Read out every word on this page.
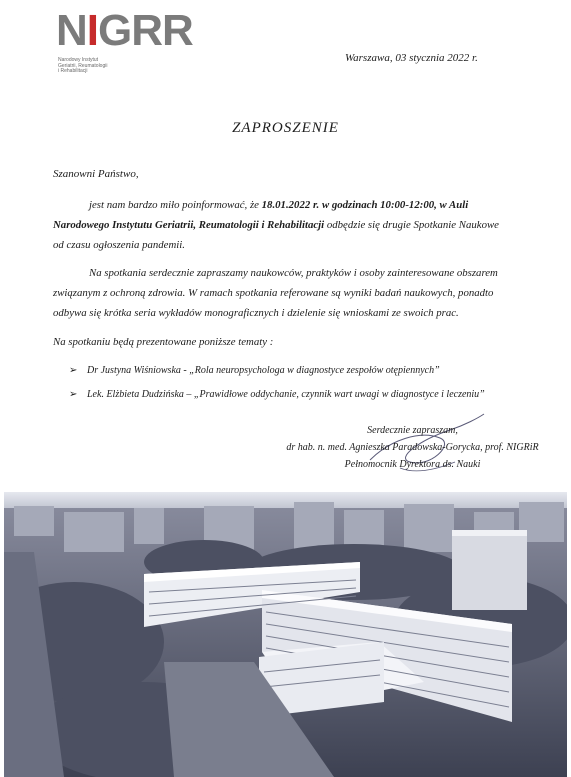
NIGRR
Narodowy Instytut
Geriatrii, Reumatologii
i Rehabilitacji
Warszawa, 03 stycznia 2022 r.
ZAPROSZENIE
Szanowni Państwo,
jest nam bardzo miło poinformować, że 18.01.2022 r. w godzinach 10:00-12:00, w Auli Narodowego Instytutu Geriatrii, Reumatologii i Rehabilitacji odbędzie się drugie Spotkanie Naukowe od czasu ogłoszenia pandemii.
Na spotkania serdecznie zapraszamy naukowców, praktyków i osoby zainteresowane obszarem związanym z ochroną zdrowia. W ramach spotkania referowane są wyniki badań naukowych, ponadto odbywa się krótka seria wykładów monograficznych i dzielenie się wnioskami ze swoich prac.
Na spotkaniu będą prezentowane poniższe tematy :
➢ Dr Justyna Wiśniowska - „Rola neuropsychologa w diagnostyce zespołów otępiennych”
➢ Lek. Elżbieta Dudzińska – „Prawidłowe oddychanie, czynnik wart uwagi w diagnostyce i leczeniu”
Serdecznie zapraszam,
dr hab. n. med. Agnieszka Paradowska-Gorycka, prof. NIGRiR
Pełnomocnik Dyrektora ds. Nauki
